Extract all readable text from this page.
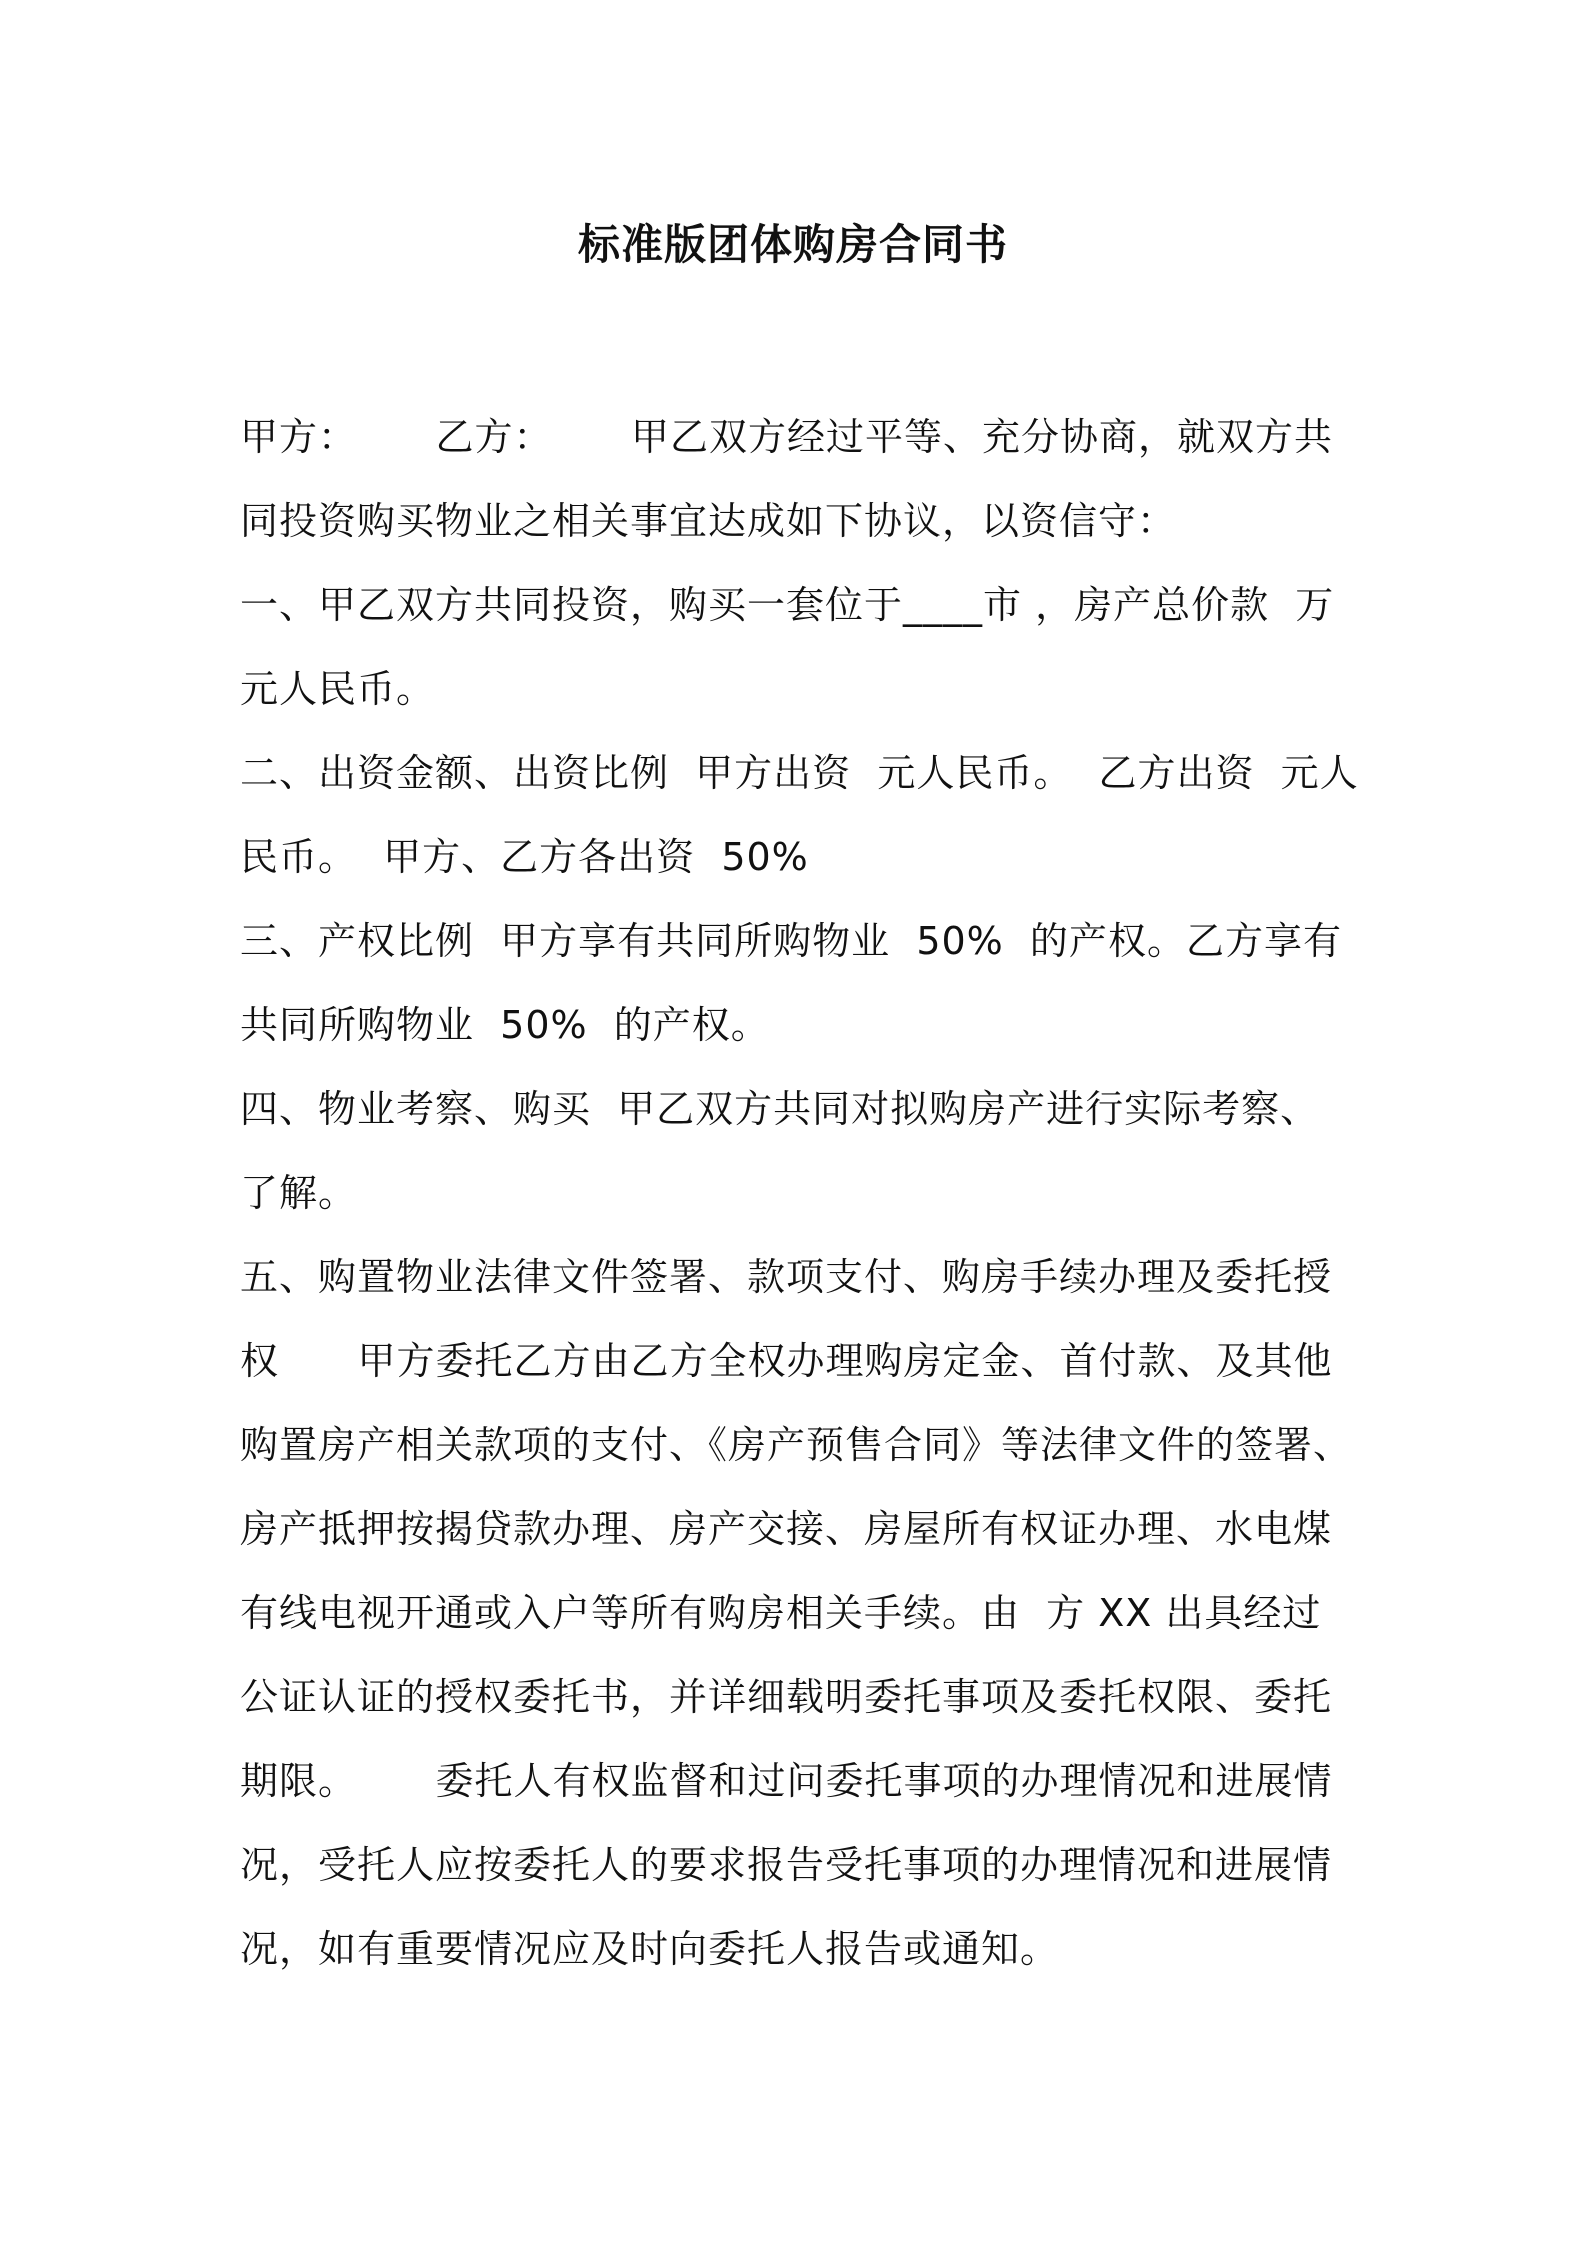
标准版团体购房合同书
甲方：      乙方：      甲乙双方经过平等、充分协商，就双方共
同投资购买物业之相关事宜达成如下协议，以资信守：
一、甲乙双方共同投资，购买一套位于____市 ，房产总价款  万
元人民币。
二、出资金额、出资比例  甲方出资  元人民币。  乙方出资  元人
民币。  甲方、乙方各出资  50%
三、产权比例  甲方享有共同所购物业  50%  的产权。乙方享有
共同所购物业  50%  的产权。
四、物业考察、购买  甲乙双方共同对拟购房产进行实际考察、
了解。
五、购置物业法律文件签署、款项支付、购房手续办理及委托授
权      甲方委托乙方由乙方全权办理购房定金、首付款、及其他
购置房产相关款项的支付、《房产预售合同》等法律文件的签署、
房产抵押按揭贷款办理、房产交接、房屋所有权证办理、水电煤
有线电视开通或入户等所有购房相关手续。由  方 XX 出具经过
公证认证的授权委托书，并详细载明委托事项及委托权限、委托
期限。      委托人有权监督和过问委托事项的办理情况和进展情
况，受托人应按委托人的要求报告受托事项的办理情况和进展情
况，如有重要情况应及时向委托人报告或通知。
